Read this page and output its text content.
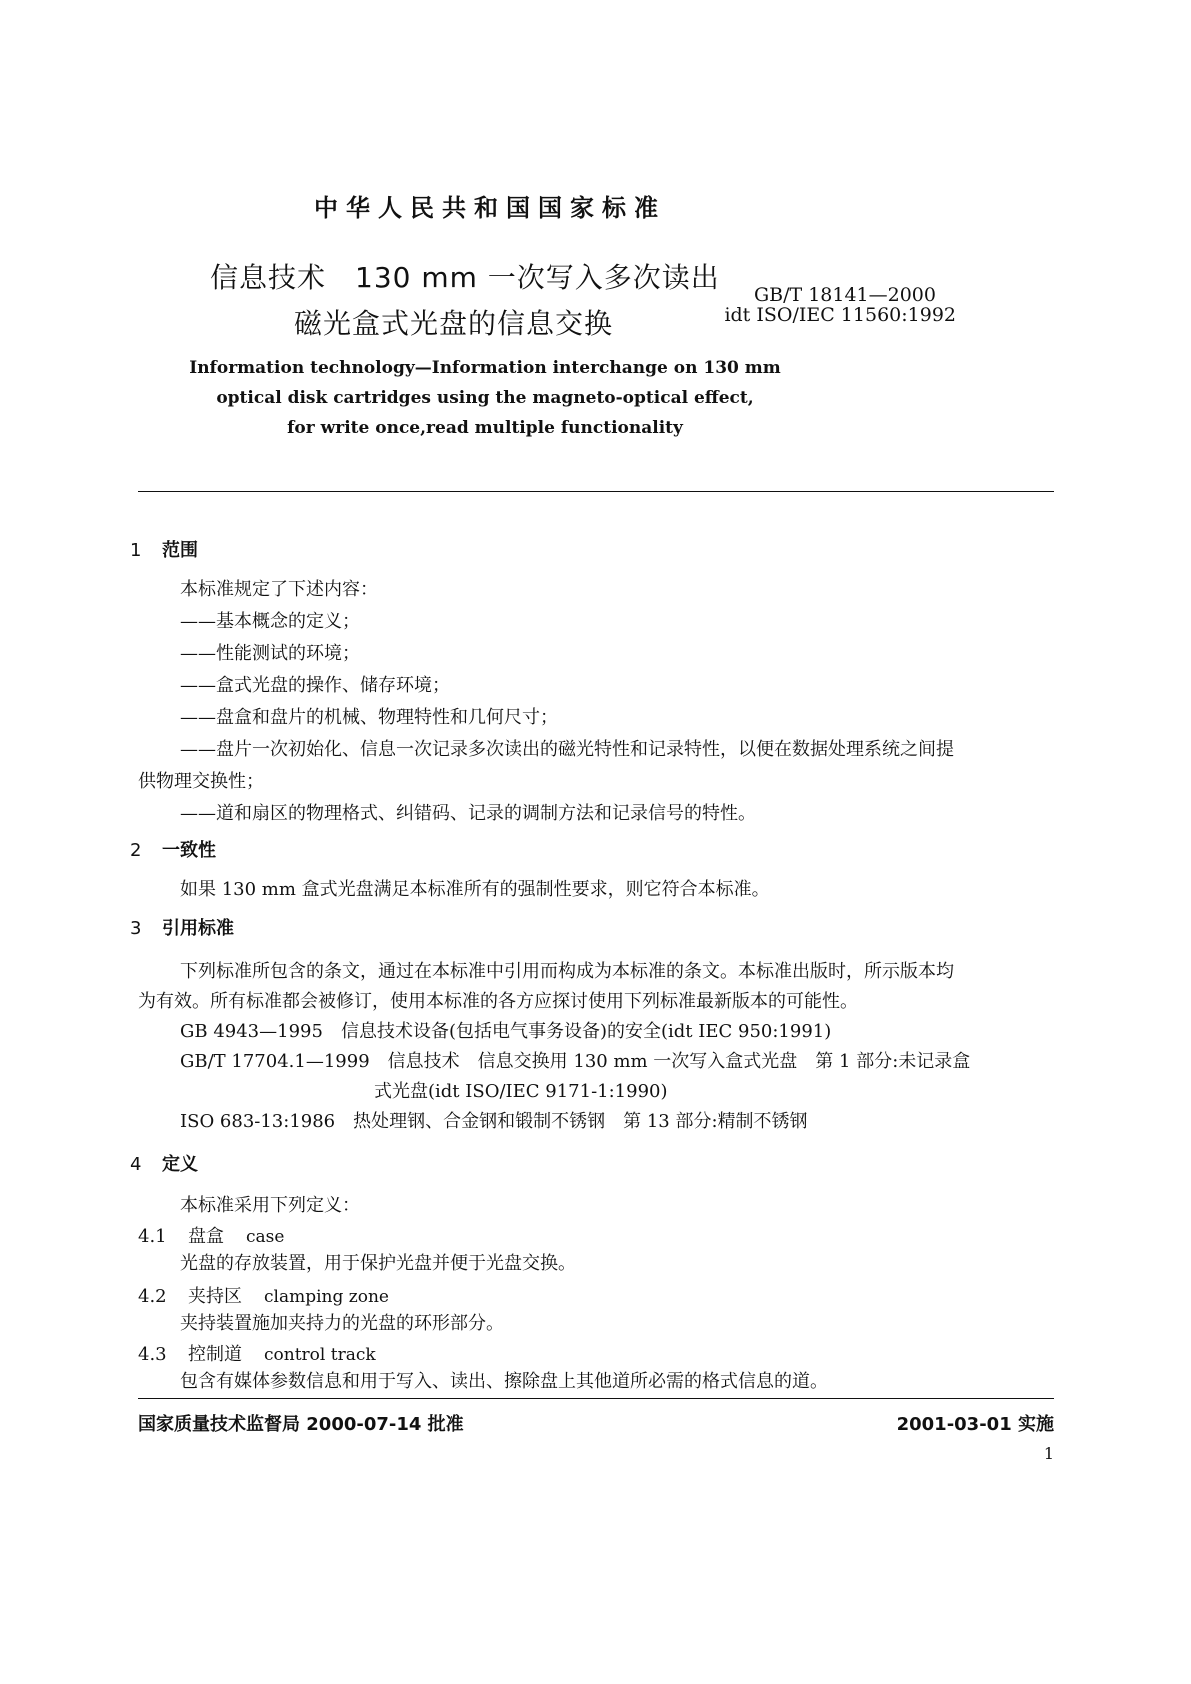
中华人民共和国国家标准
信息技术　130 mm 一次写入多次读出
磁光盒式光盘的信息交换
GB/T 18141—2000
idt ISO/IEC 11560:1992
Information technology—Information interchange on 130 mm
optical disk cartridges using the magneto-optical effect,
for write once,read multiple functionality
1 范围
本标准规定了下述内容：
——基本概念的定义；
——性能测试的环境；
——盒式光盘的操作、储存环境；
——盘盒和盘片的机械、物理特性和几何尺寸；
——盘片一次初始化、信息一次记录多次读出的磁光特性和记录特性，以便在数据处理系统之间提
供物理交换性；
——道和扇区的物理格式、纠错码、记录的调制方法和记录信号的特性。
2 一致性
如果 130 mm 盒式光盘满足本标准所有的强制性要求，则它符合本标准。
3 引用标准
下列标准所包含的条文，通过在本标准中引用而构成为本标准的条文。本标准出版时，所示版本均
为有效。所有标准都会被修订，使用本标准的各方应探讨使用下列标准最新版本的可能性。
GB 4943—1995　信息技术设备(包括电气事务设备)的安全(idt IEC 950:1991)
GB/T 17704.1—1999　信息技术　信息交换用 130 mm 一次写入盒式光盘　第 1 部分:未记录盒
式光盘(idt ISO/IEC 9171-1:1990)
ISO 683-13:1986　热处理钢、合金钢和锻制不锈钢　第 13 部分:精制不锈钢
4 定义
本标准采用下列定义：
4.1 盘盒 case
光盘的存放装置，用于保护光盘并便于光盘交换。
4.2 夹持区 clamping zone
夹持装置施加夹持力的光盘的环形部分。
4.3 控制道 control track
包含有媒体参数信息和用于写入、读出、擦除盘上其他道所必需的格式信息的道。
国家质量技术监督局 2000-07-14 批准	2001-03-01 实施
1
